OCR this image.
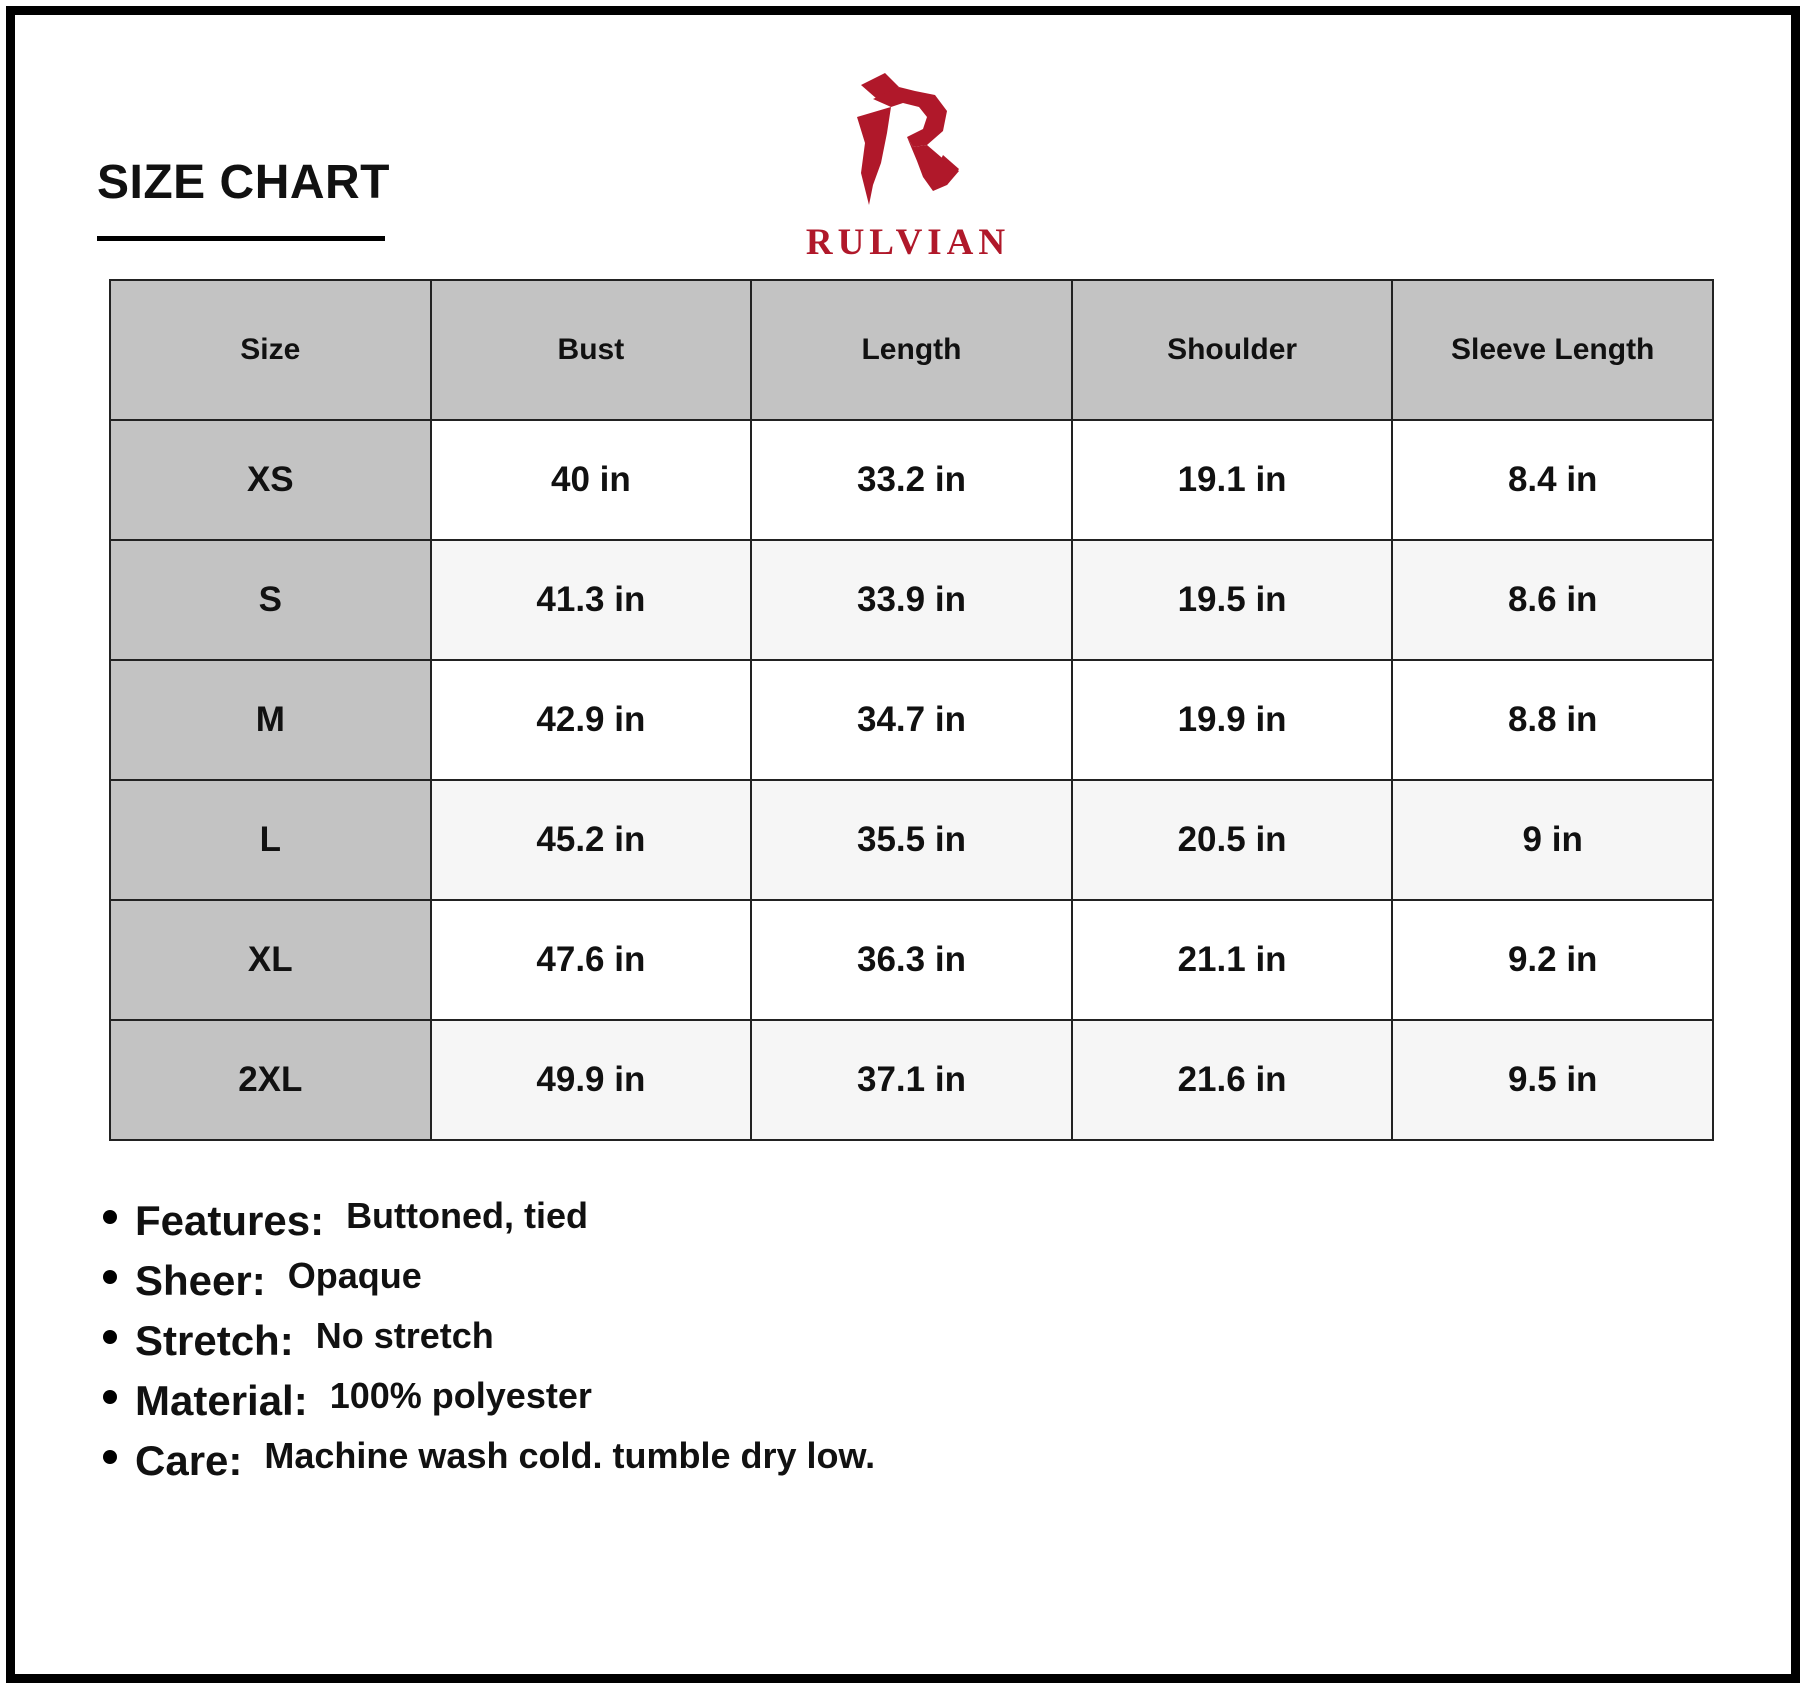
SIZE CHART
RULVIAN
Size	Bust	Length	Shoulder	Sleeve Length
XS	40 in	33.2 in	19.1 in	8.4 in
S	41.3 in	33.9 in	19.5 in	8.6 in
M	42.9 in	34.7 in	19.9 in	8.8 in
L	45.2 in	35.5 in	20.5 in	9 in
XL	47.6 in	36.3 in	21.1 in	9.2 in
2XL	49.9 in	37.1 in	21.6 in	9.5 in
Features: Buttoned, tied
Sheer: Opaque
Stretch: No stretch
Material: 100% polyester
Care: Machine wash cold. tumble dry low.
